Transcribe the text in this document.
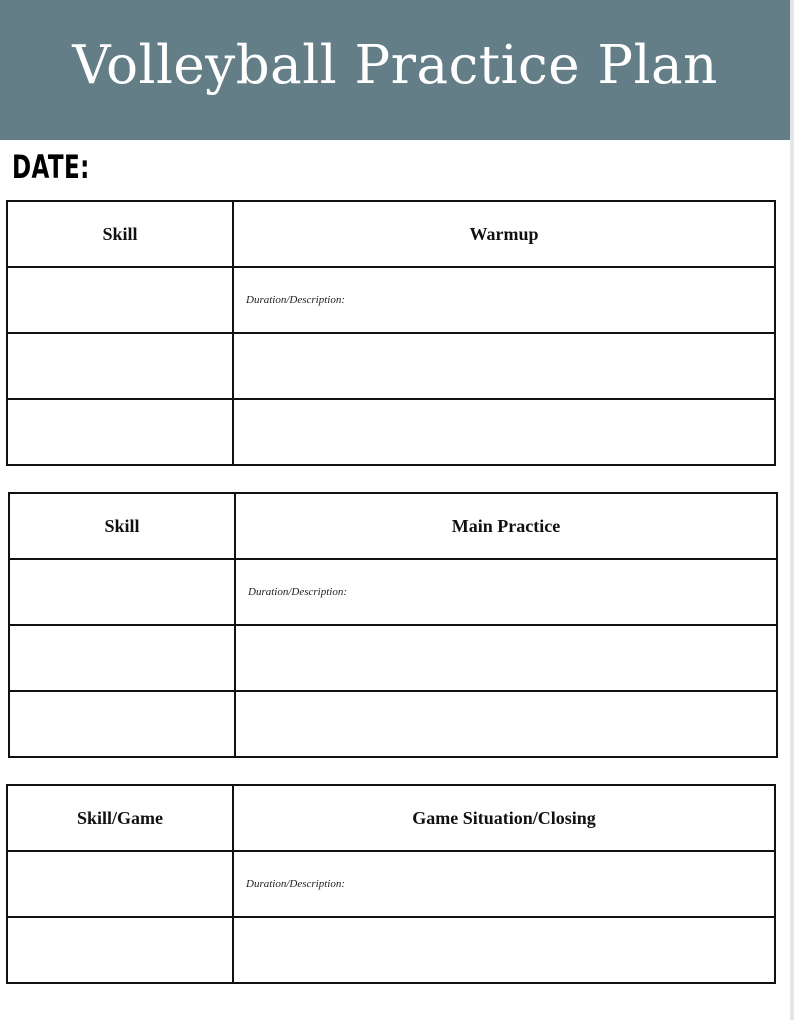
Volleyball Practice Plan
DATE:
Skill	Warmup
	Duration/Description:

Skill	Main Practice
	Duration/Description:

Skill/Game	Game Situation/Closing
	Duration/Description:
